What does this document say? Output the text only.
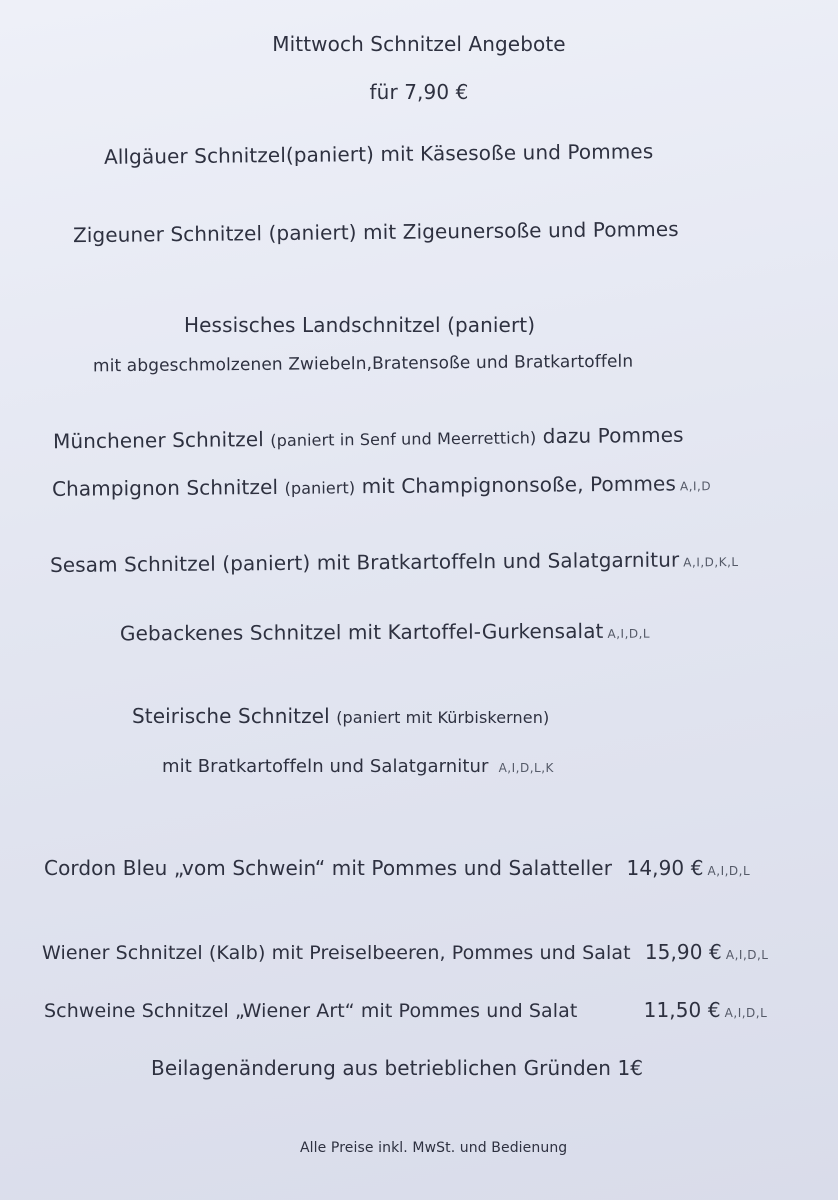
Mittwoch Schnitzel Angebote
für 7,90 €
Allgäuer Schnitzel(paniert) mit Käsesoße und Pommes
Zigeuner Schnitzel (paniert) mit Zigeunersoße und Pommes
Hessisches Landschnitzel (paniert)
mit abgeschmolzenen Zwiebeln,Bratensoße und Bratkartoffeln
Münchener Schnitzel (paniert in Senf und Meerrettich) dazu Pommes
Champignon Schnitzel (paniert) mit Champignonsoße, Pommes A,I,D
Sesam Schnitzel (paniert) mit Bratkartoffeln und Salatgarnitur A,I,D,K,L
Gebackenes Schnitzel mit Kartoffel-Gurkensalat A,I,D,L
Steirische Schnitzel (paniert mit Kürbiskernen)
mit Bratkartoffeln und Salatgarnitur A,I,D,L,K
Cordon Bleu „vom Schwein“ mit Pommes und Salatteller 14,90 € A,I,D,L
Wiener Schnitzel (Kalb) mit Preiselbeeren, Pommes und Salat 15,90 € A,I,D,L
Schweine Schnitzel „Wiener Art“ mit Pommes und Salat	11,50 € A,I,D,L
Beilagenänderung aus betrieblichen Gründen 1€
Alle Preise inkl. MwSt. und Bedienung
